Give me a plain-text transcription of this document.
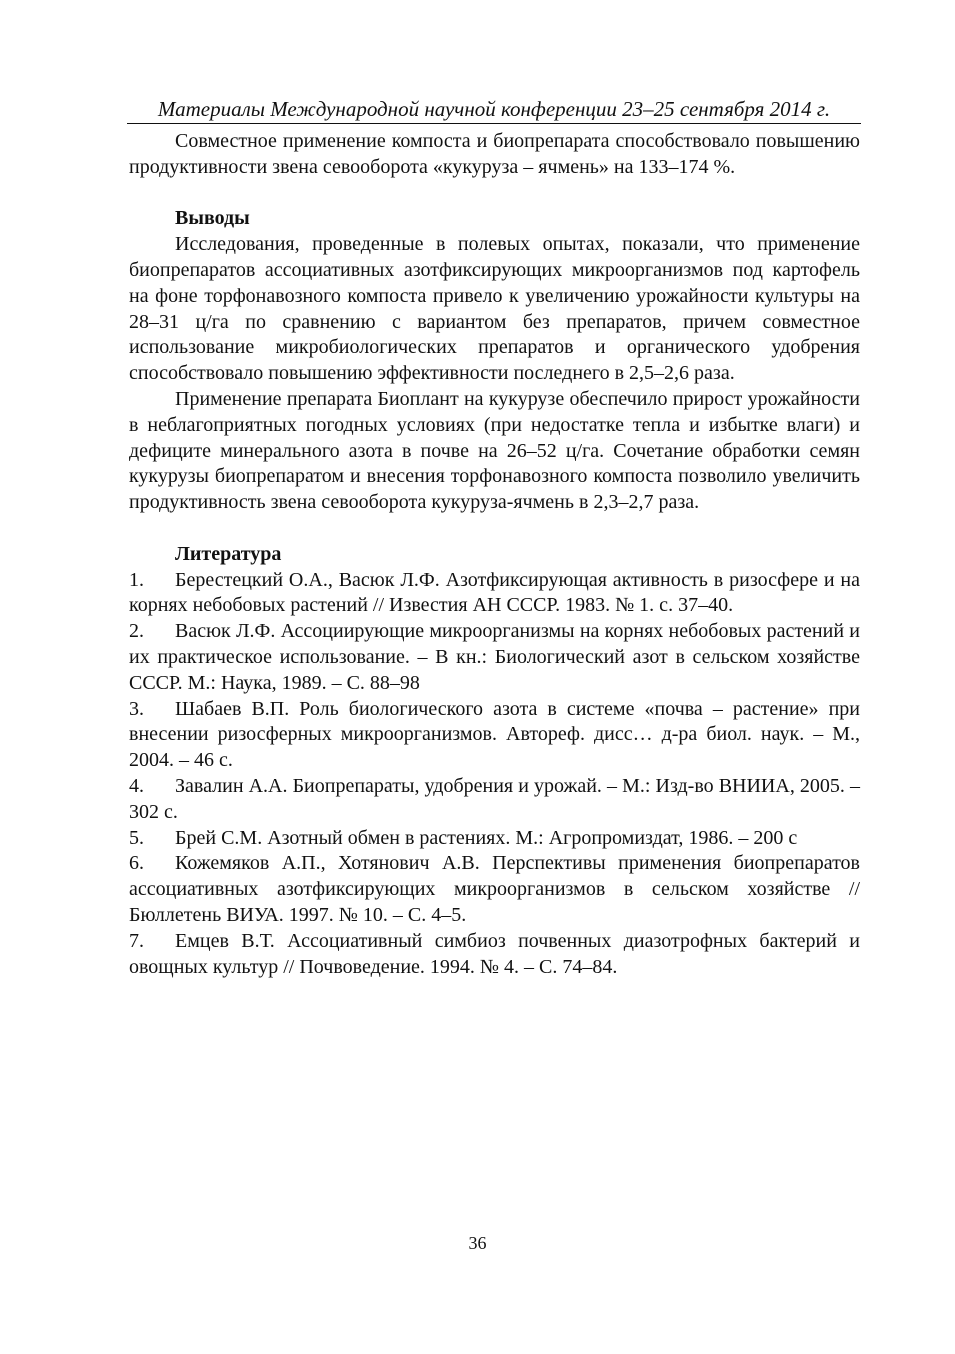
Материалы Международной научной конференции 23–25 сентября 2014 г.

Совместное применение компоста и биопрепарата способствовало повышению продуктивности звена севооборота «кукуруза – ячмень» на 133–174 %.

Выводы

Исследования, проведенные в полевых опытах, показали, что применение биопрепаратов ассоциативных азотфиксирующих микроорганизмов под картофель на фоне торфонавозного компоста привело к увеличению урожайности культуры на 28–31 ц/га по сравнению с вариантом без препаратов, причем совместное использование микробиологических препаратов и органического удобрения способствовало повышению эффективности последнего в 2,5–2,6 раза.

Применение препарата Биоплант на кукурузе обеспечило прирост урожайности в неблагоприятных погодных условиях (при недостатке тепла и избытке влаги) и дефиците минерального азота в почве на 26–52 ц/га. Сочетание обработки семян кукурузы биопрепаратом и внесения торфонавозного компоста позволило увеличить продуктивность звена севооборота кукуруза-ячмень в 2,3–2,7 раза.

Литература

1. Берестецкий О.А., Васюк Л.Ф. Азотфиксирующая активность в ризосфере и на корнях небобовых растений // Известия АН СССР. 1983. № 1. с. 37–40.

2. Васюк Л.Ф. Ассоциирующие микроорганизмы на корнях небобовых растений и их практическое использование. – В кн.: Биологический азот в сельском хозяйстве СССР. М.: Наука, 1989. – С. 88–98

3. Шабаев В.П. Роль биологического азота в системе «почва – растение» при внесении ризосферных микроорганизмов. Автореф. дисс… д-ра биол. наук. – М., 2004. – 46 с.

4. Завалин А.А. Биопрепараты, удобрения и урожай. – М.: Изд-во ВНИИА, 2005. – 302 с.

5. Брей С.М. Азотный обмен в растениях. М.: Агропромиздат, 1986. – 200 с

6. Кожемяков А.П., Хотянович А.В. Перспективы применения биопрепаратов ассоциативных азотфиксирующих микроорганизмов в сельском хозяйстве // Бюллетень ВИУА. 1997. № 10. – С. 4–5.

7. Емцев В.Т. Ассоциативный симбиоз почвенных диазотрофных бактерий и овощных культур // Почвоведение. 1994. № 4. – С. 74–84.

36
